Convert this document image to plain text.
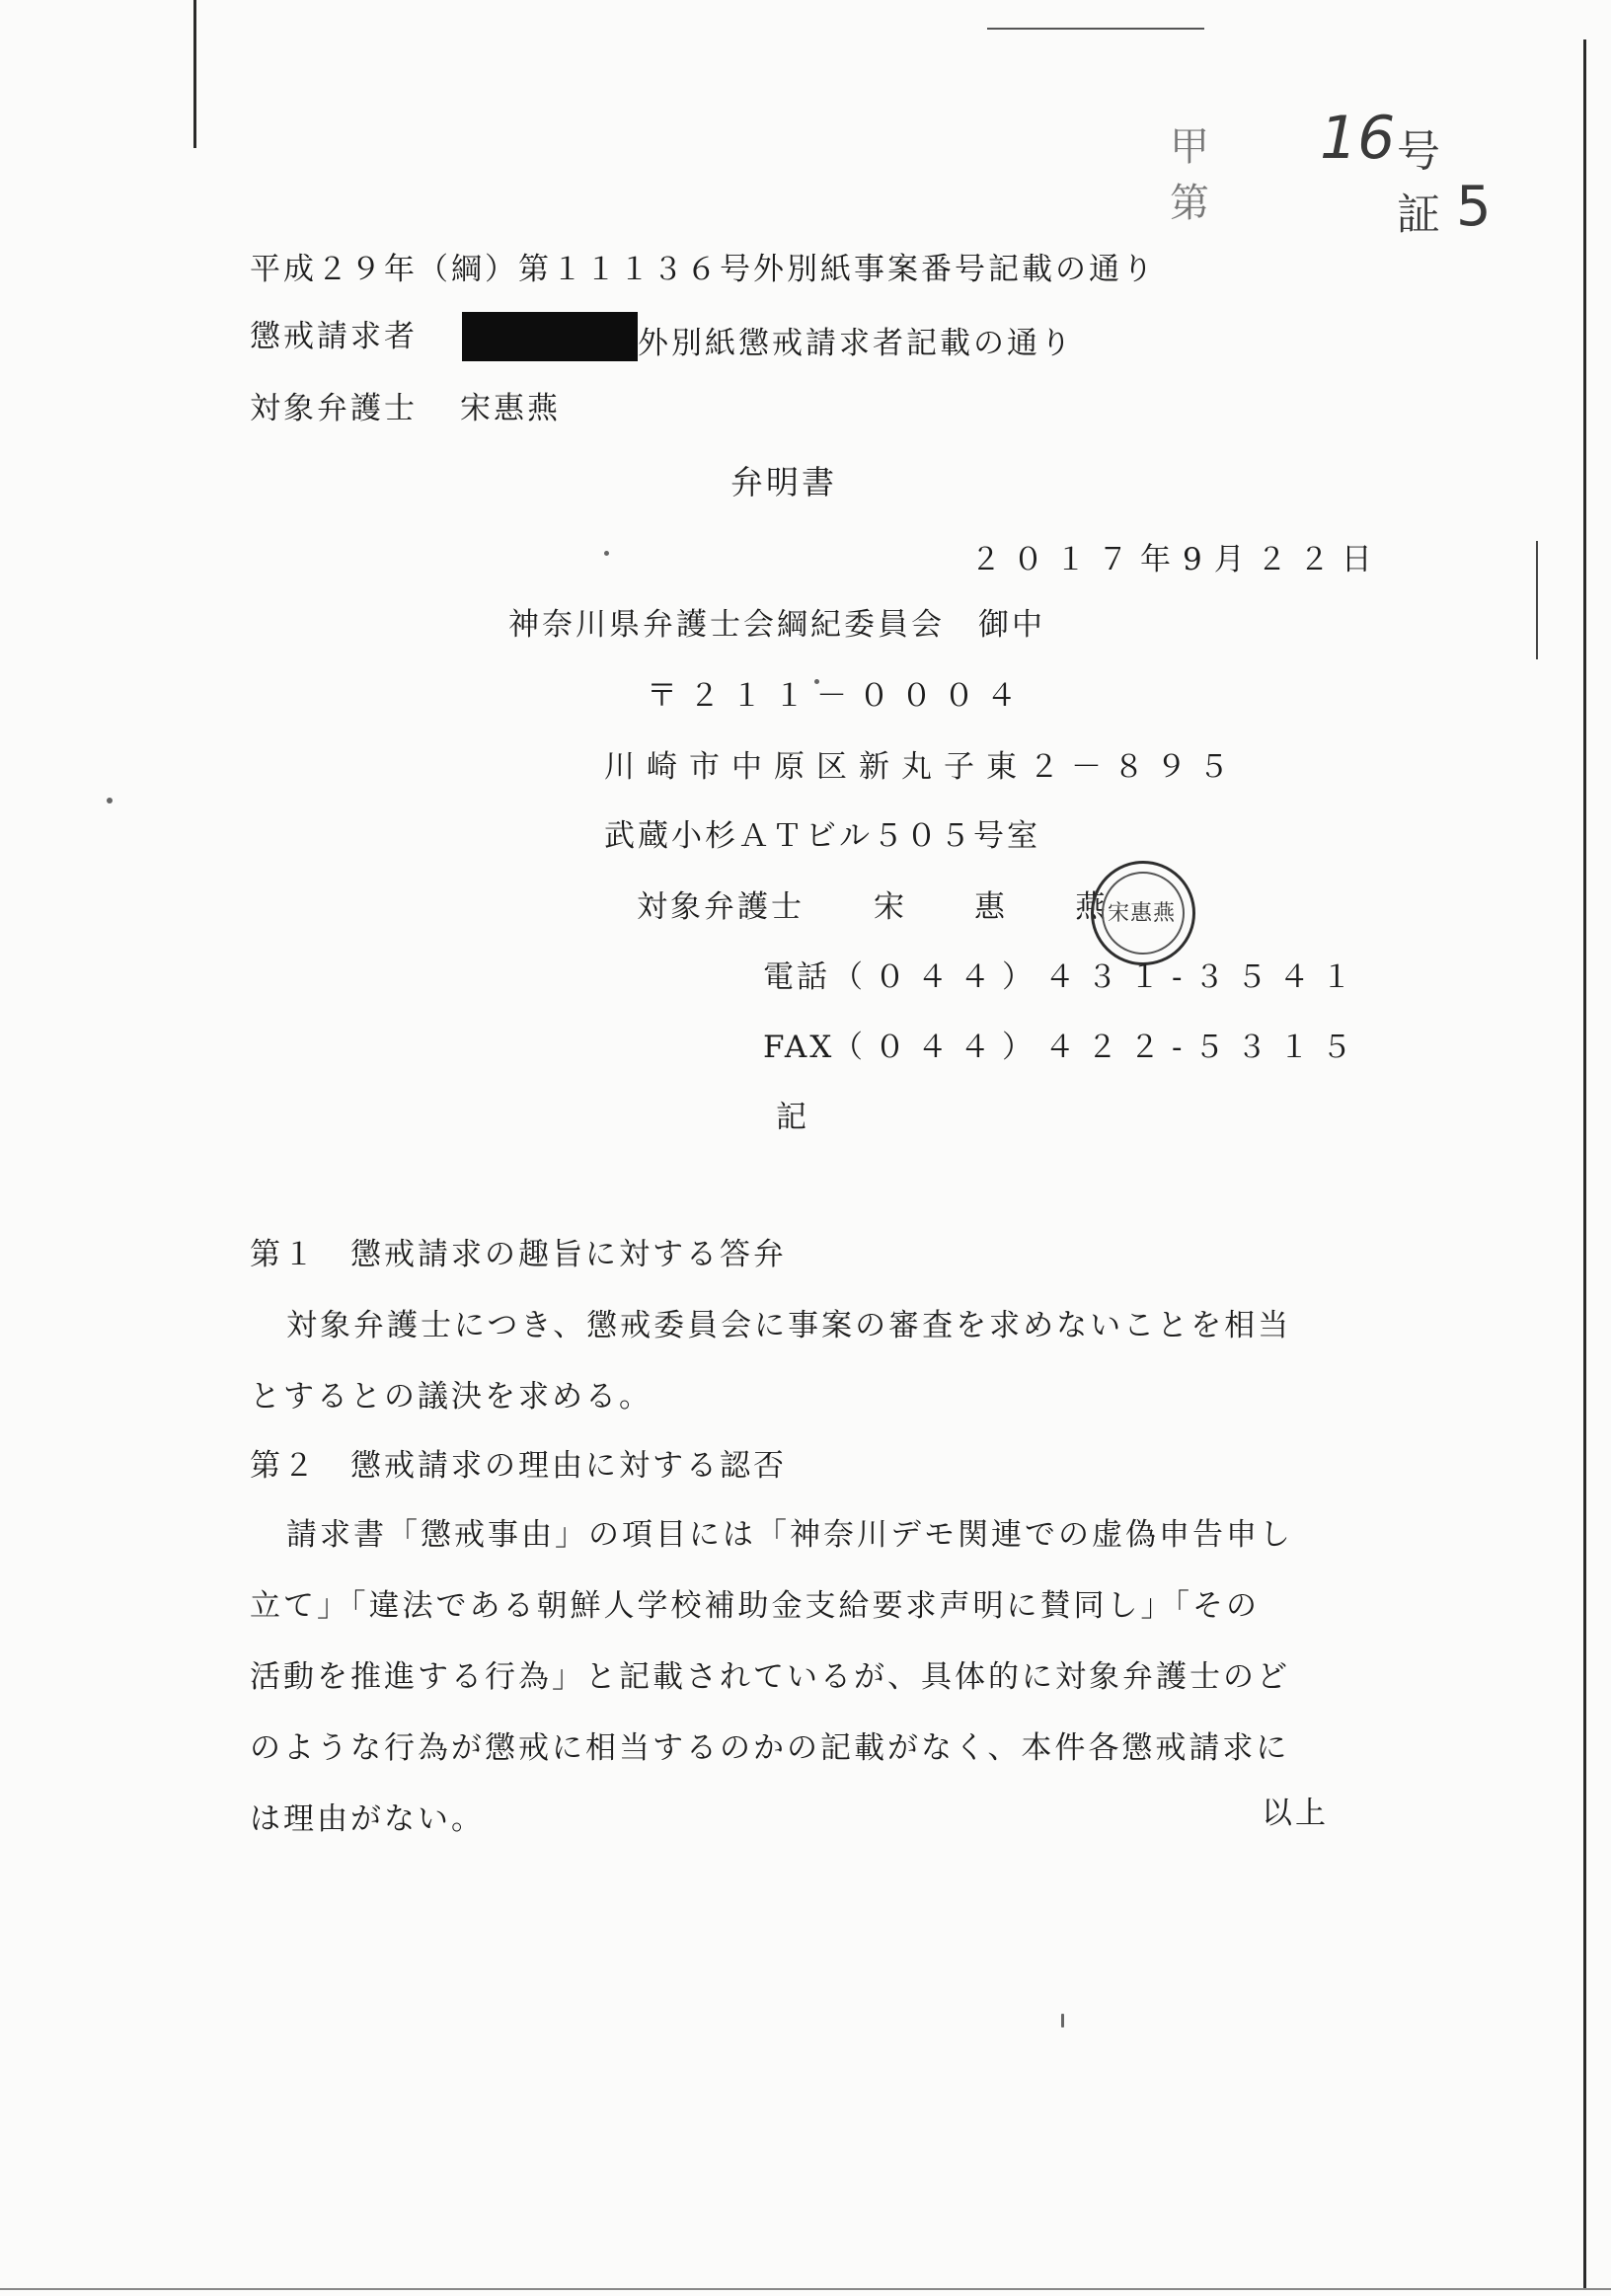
甲第
16 号証 5
平成２９年（綱）第１１１３６号外別紙事案番号記載の通り
懲戒請求者	外別紙懲戒請求者記載の通り
対象弁護士 宋惠燕
弁明書
２０１７年9月２２日
神奈川県弁護士会綱紀委員会　御中
〒２１１－０００４
川崎市中原区新丸子東２－８９５
武蔵小杉ＡＴビル５０５号室
対象弁護士 宋　　惠　　燕 宋惠燕
電話 （０４４）４３１-３５４１
FAX
（０４４）４２２-５３１５
記
第１　懲戒請求の趣旨に対する答弁
対象弁護士につき、懲戒委員会に事案の審査を求めないことを相当
とするとの議決を求める。
第２　懲戒請求の理由に対する認否
請求書「懲戒事由」の項目には「神奈川デモ関連での虚偽申告申し
立て」「違法である朝鮮人学校補助金支給要求声明に賛同し」「その
活動を推進する行為」と記載されているが、具体的に対象弁護士のど
のような行為が懲戒に相当するのかの記載がなく、本件各懲戒請求に
は理由がない。	以上
